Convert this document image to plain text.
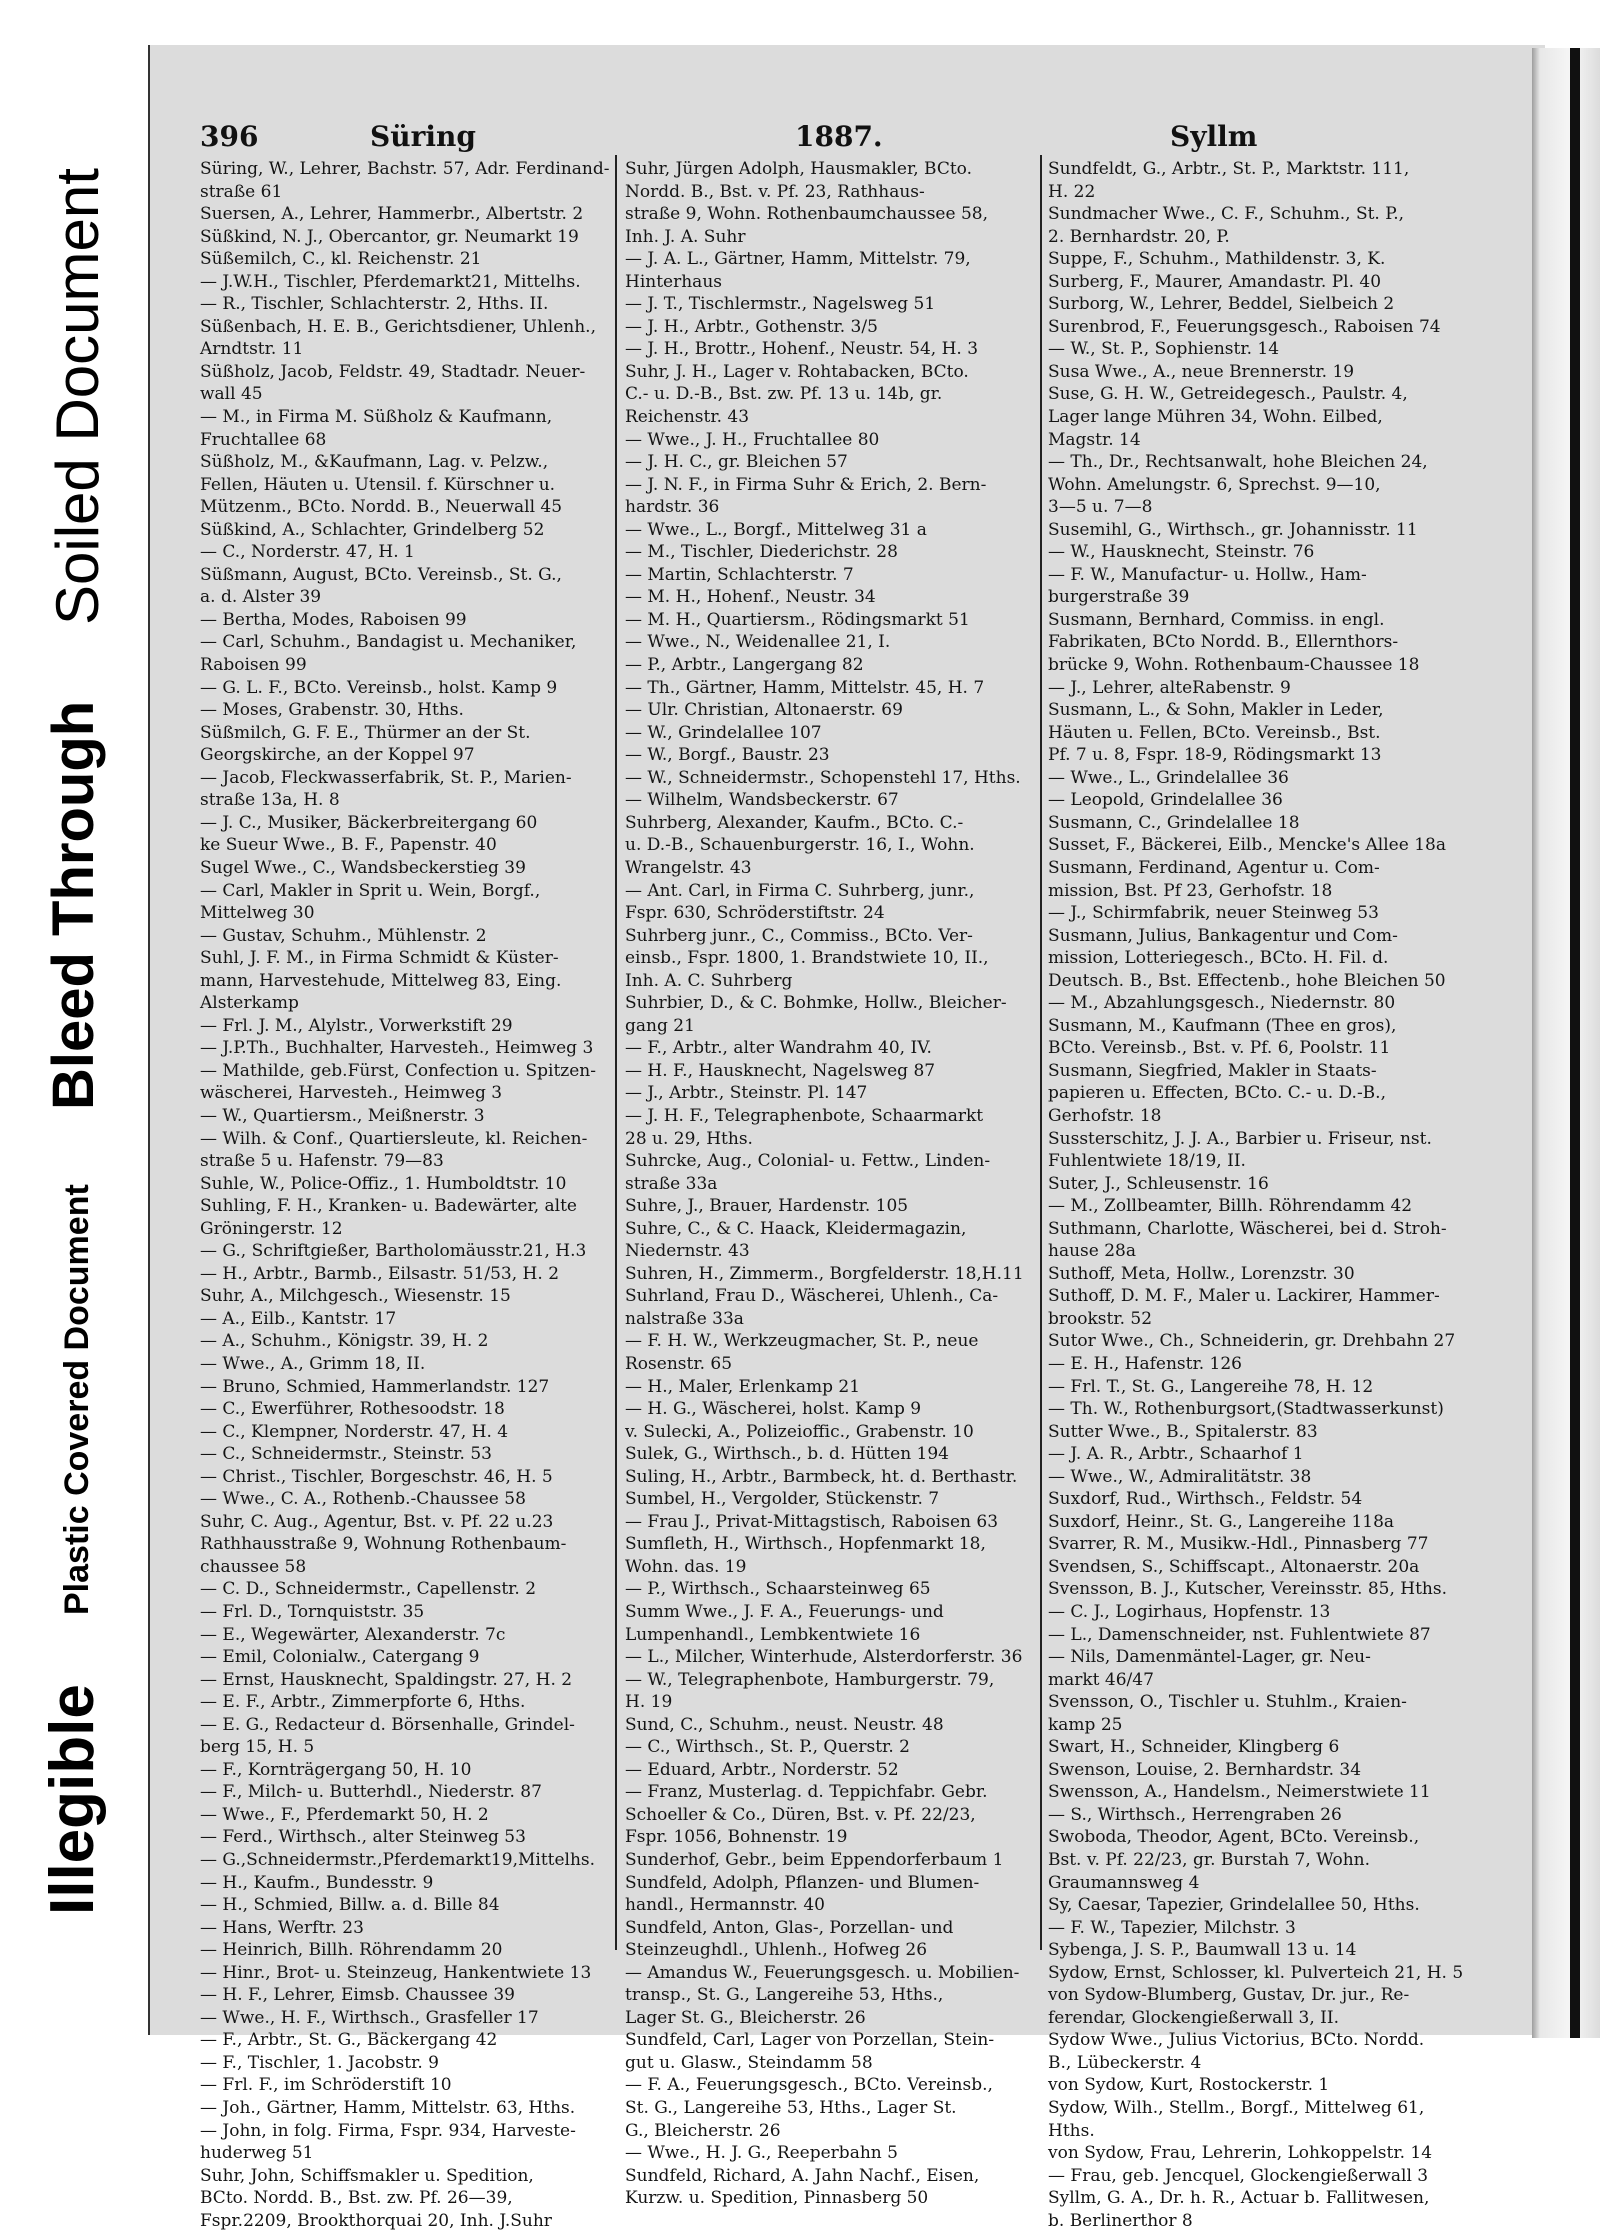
Illegible
Plastic Covered Document
Bleed Through
Soiled Document
396	Süring	1887.	Syllm
Süring, W., Lehrer, Bachstr. 57, Adr. Ferdinand-
straße 61
Suersen, A., Lehrer, Hammerbr., Albertstr. 2
Süßkind, N. J., Obercantor, gr. Neumarkt 19
Süßemilch, C., kl. Reichenstr. 21
— J.W.H., Tischler, Pferdemarkt21, Mittelhs.
— R., Tischler, Schlachterstr. 2, Hths. II.
Süßenbach, H. E. B., Gerichtsdiener, Uhlenh.,
Arndtstr. 11
Süßholz, Jacob, Feldstr. 49, Stadtadr. Neuer-
wall 45
— M., in Firma M. Süßholz & Kaufmann,
Fruchtallee 68
Süßholz, M., &Kaufmann, Lag. v. Pelzw.,
Fellen, Häuten u. Utensil. f. Kürschner u.
Mützenm., BCto. Nordd. B., Neuerwall 45
Süßkind, A., Schlachter, Grindelberg 52
— C., Norderstr. 47, H. 1
Süßmann, August, BCto. Vereinsb., St. G.,
a. d. Alster 39
— Bertha, Modes, Raboisen 99
— Carl, Schuhm., Bandagist u. Mechaniker,
Raboisen 99
— G. L. F., BCto. Vereinsb., holst. Kamp 9
— Moses, Grabenstr. 30, Hths.
Süßmilch, G. F. E., Thürmer an der St.
Georgskirche, an der Koppel 97
— Jacob, Fleckwasserfabrik, St. P., Marien-
straße 13a, H. 8
— J. C., Musiker, Bäckerbreitergang 60
ke Sueur Wwe., B. F., Papenstr. 40
Sugel Wwe., C., Wandsbeckerstieg 39
— Carl, Makler in Sprit u. Wein, Borgf.,
Mittelweg 30
— Gustav, Schuhm., Mühlenstr. 2
Suhl, J. F. M., in Firma Schmidt & Küster-
mann, Harvestehude, Mittelweg 83, Eing.
Alsterkamp
— Frl. J. M., Alylstr., Vorwerkstift 29
— J.P.Th., Buchhalter, Harvesteh., Heimweg 3
— Mathilde, geb.Fürst, Confection u. Spitzen-
wäscherei, Harvesteh., Heimweg 3
— W., Quartiersm., Meißnerstr. 3
— Wilh. & Conf., Quartiersleute, kl. Reichen-
straße 5 u. Hafenstr. 79—83
Suhle, W., Police-Offiz., 1. Humboldtstr. 10
Suhling, F. H., Kranken- u. Badewärter, alte
Gröningerstr. 12
— G., Schriftgießer, Bartholomäusstr.21, H.3
— H., Arbtr., Barmb., Eilsastr. 51/53, H. 2
Suhr, A., Milchgesch., Wiesenstr. 15
— A., Eilb., Kantstr. 17
— A., Schuhm., Königstr. 39, H. 2
— Wwe., A., Grimm 18, II.
— Bruno, Schmied, Hammerlandstr. 127
— C., Ewerführer, Rothesoodstr. 18
— C., Klempner, Norderstr. 47, H. 4
— C., Schneidermstr., Steinstr. 53
— Christ., Tischler, Borgeschstr. 46, H. 5
— Wwe., C. A., Rothenb.-Chaussee 58
Suhr, C. Aug., Agentur, Bst. v. Pf. 22 u.23
Rathhausstraße 9, Wohnung Rothenbaum-
chaussee 58
— C. D., Schneidermstr., Capellenstr. 2
— Frl. D., Tornquiststr. 35
— E., Wegewärter, Alexanderstr. 7c
— Emil, Colonialw., Catergang 9
— Ernst, Hausknecht, Spaldingstr. 27, H. 2
— E. F., Arbtr., Zimmerpforte 6, Hths.
— E. G., Redacteur d. Börsenhalle, Grindel-
berg 15, H. 5
— F., Kornträgergang 50, H. 10
— F., Milch- u. Butterhdl., Niederstr. 87
— Wwe., F., Pferdemarkt 50, H. 2
— Ferd., Wirthsch., alter Steinweg 53
— G.,Schneidermstr.,Pferdemarkt19,Mittelhs.
— H., Kaufm., Bundesstr. 9
— H., Schmied, Billw. a. d. Bille 84
— Hans, Werftr. 23
— Heinrich, Billh. Röhrendamm 20
— Hinr., Brot- u. Steinzeug, Hankentwiete 13
— H. F., Lehrer, Eimsb. Chaussee 39
— Wwe., H. F., Wirthsch., Grasfeller 17
— F., Arbtr., St. G., Bäckergang 42
— F., Tischler, 1. Jacobstr. 9
— Frl. F., im Schröderstift 10
— Joh., Gärtner, Hamm, Mittelstr. 63, Hths.
— John, in folg. Firma, Fspr. 934, Harveste-
huderweg 51
Suhr, John, Schiffsmakler u. Spedition,
BCto. Nordd. B., Bst. zw. Pf. 26—39,
Fspr.2209, Brookthorquai 20, Inh. J.Suhr
Suhr, Jürgen Adolph, Hausmakler, BCto.
Nordd. B., Bst. v. Pf. 23, Rathhaus-
straße 9, Wohn. Rothenbaumchaussee 58,
Inh. J. A. Suhr
— J. A. L., Gärtner, Hamm, Mittelstr. 79,
Hinterhaus
— J. T., Tischlermstr., Nagelsweg 51
— J. H., Arbtr., Gothenstr. 3/5
— J. H., Brottr., Hohenf., Neustr. 54, H. 3
Suhr, J. H., Lager v. Rohtabacken, BCto.
C.- u. D.-B., Bst. zw. Pf. 13 u. 14b, gr.
Reichenstr. 43
— Wwe., J. H., Fruchtallee 80
— J. H. C., gr. Bleichen 57
— J. N. F., in Firma Suhr & Erich, 2. Bern-
hardstr. 36
— Wwe., L., Borgf., Mittelweg 31 a
— M., Tischler, Diederichstr. 28
— Martin, Schlachterstr. 7
— M. H., Hohenf., Neustr. 34
— M. H., Quartiersm., Rödingsmarkt 51
— Wwe., N., Weidenallee 21, I.
— P., Arbtr., Langergang 82
— Th., Gärtner, Hamm, Mittelstr. 45, H. 7
— Ulr. Christian, Altonaerstr. 69
— W., Grindelallee 107
— W., Borgf., Baustr. 23
— W., Schneidermstr., Schopenstehl 17, Hths.
— Wilhelm, Wandsbeckerstr. 67
Suhrberg, Alexander, Kaufm., BCto. C.-
u. D.-B., Schauenburgerstr. 16, I., Wohn.
Wrangelstr. 43
— Ant. Carl, in Firma C. Suhrberg, junr.,
Fspr. 630, Schröderstiftstr. 24
Suhrberg junr., C., Commiss., BCto. Ver-
einsb., Fspr. 1800, 1. Brandstwiete 10, II.,
Inh. A. C. Suhrberg
Suhrbier, D., & C. Bohmke, Hollw., Bleicher-
gang 21
— F., Arbtr., alter Wandrahm 40, IV.
— H. F., Hausknecht, Nagelsweg 87
— J., Arbtr., Steinstr. Pl. 147
— J. H. F., Telegraphenbote, Schaarmarkt
28 u. 29, Hths.
Suhrcke, Aug., Colonial- u. Fettw., Linden-
straße 33a
Suhre, J., Brauer, Hardenstr. 105
Suhre, C., & C. Haack, Kleidermagazin,
Niedernstr. 43
Suhren, H., Zimmerm., Borgfelderstr. 18,H.11
Suhrland, Frau D., Wäscherei, Uhlenh., Ca-
nalstraße 33a
— F. H. W., Werkzeugmacher, St. P., neue
Rosenstr. 65
— H., Maler, Erlenkamp 21
— H. G., Wäscherei, holst. Kamp 9
v. Sulecki, A., Polizeioffic., Grabenstr. 10
Sulek, G., Wirthsch., b. d. Hütten 194
Suling, H., Arbtr., Barmbeck, ht. d. Berthastr.
Sumbel, H., Vergolder, Stückenstr. 7
— Frau J., Privat-Mittagstisch, Raboisen 63
Sumfleth, H., Wirthsch., Hopfenmarkt 18,
Wohn. das. 19
— P., Wirthsch., Schaarsteinweg 65
Summ Wwe., J. F. A., Feuerungs- und
Lumpenhandl., Lembkentwiete 16
— L., Milcher, Winterhude, Alsterdorferstr. 36
— W., Telegraphenbote, Hamburgerstr. 79,
H. 19
Sund, C., Schuhm., neust. Neustr. 48
— C., Wirthsch., St. P., Querstr. 2
— Eduard, Arbtr., Norderstr. 52
— Franz, Musterlag. d. Teppichfabr. Gebr.
Schoeller & Co., Düren, Bst. v. Pf. 22/23,
Fspr. 1056, Bohnenstr. 19
Sunderhof, Gebr., beim Eppendorferbaum 1
Sundfeld, Adolph, Pflanzen- und Blumen-
handl., Hermannstr. 40
Sundfeld, Anton, Glas-, Porzellan- und
Steinzeughdl., Uhlenh., Hofweg 26
— Amandus W., Feuerungsgesch. u. Mobilien-
transp., St. G., Langereihe 53, Hths.,
Lager St. G., Bleicherstr. 26
Sundfeld, Carl, Lager von Porzellan, Stein-
gut u. Glasw., Steindamm 58
— F. A., Feuerungsgesch., BCto. Vereinsb.,
St. G., Langereihe 53, Hths., Lager St.
G., Bleicherstr. 26
— Wwe., H. J. G., Reeperbahn 5
Sundfeld, Richard, A. Jahn Nachf., Eisen,
Kurzw. u. Spedition, Pinnasberg 50
Sundfeldt, G., Arbtr., St. P., Marktstr. 111,
H. 22
Sundmacher Wwe., C. F., Schuhm., St. P.,
2. Bernhardstr. 20, P.
Suppe, F., Schuhm., Mathildenstr. 3, K.
Surberg, F., Maurer, Amandastr. Pl. 40
Surborg, W., Lehrer, Beddel, Sielbeich 2
Surenbrod, F., Feuerungsgesch., Raboisen 74
— W., St. P., Sophienstr. 14
Susa Wwe., A., neue Brennerstr. 19
Suse, G. H. W., Getreidegesch., Paulstr. 4,
Lager lange Mühren 34, Wohn. Eilbed,
Magstr. 14
— Th., Dr., Rechtsanwalt, hohe Bleichen 24,
Wohn. Amelungstr. 6, Sprechst. 9—10,
3—5 u. 7—8
Susemihl, G., Wirthsch., gr. Johannisstr. 11
— W., Hausknecht, Steinstr. 76
— F. W., Manufactur- u. Hollw., Ham-
burgerstraße 39
Susmann, Bernhard, Commiss. in engl.
Fabrikaten, BCto Nordd. B., Ellernthors-
brücke 9, Wohn. Rothenbaum-Chaussee 18
— J., Lehrer, alteRabenstr. 9
Susmann, L., & Sohn, Makler in Leder,
Häuten u. Fellen, BCto. Vereinsb., Bst.
Pf. 7 u. 8, Fspr. 18-9, Rödingsmarkt 13
— Wwe., L., Grindelallee 36
— Leopold, Grindelallee 36
Susmann, C., Grindelallee 18
Susset, F., Bäckerei, Eilb., Mencke's Allee 18a
Susmann, Ferdinand, Agentur u. Com-
mission, Bst. Pf 23, Gerhofstr. 18
— J., Schirmfabrik, neuer Steinweg 53
Susmann, Julius, Bankagentur und Com-
mission, Lotteriegesch., BCto. H. Fil. d.
Deutsch. B., Bst. Effectenb., hohe Bleichen 50
— M., Abzahlungsgesch., Niedernstr. 80
Susmann, M., Kaufmann (Thee en gros),
BCto. Vereinsb., Bst. v. Pf. 6, Poolstr. 11
Susmann, Siegfried, Makler in Staats-
papieren u. Effecten, BCto. C.- u. D.-B.,
Gerhofstr. 18
Sussterschitz, J. J. A., Barbier u. Friseur, nst.
Fuhlentwiete 18/19, II.
Suter, J., Schleusenstr. 16
— M., Zollbeamter, Billh. Röhrendamm 42
Suthmann, Charlotte, Wäscherei, bei d. Stroh-
hause 28a
Suthoff, Meta, Hollw., Lorenzstr. 30
Suthoff, D. M. F., Maler u. Lackirer, Hammer-
brookstr. 52
Sutor Wwe., Ch., Schneiderin, gr. Drehbahn 27
— E. H., Hafenstr. 126
— Frl. T., St. G., Langereihe 78, H. 12
— Th. W., Rothenburgsort,(Stadtwasserkunst)
Sutter Wwe., B., Spitalerstr. 83
— J. A. R., Arbtr., Schaarhof 1
— Wwe., W., Admiralitätstr. 38
Suxdorf, Rud., Wirthsch., Feldstr. 54
Suxdorf, Heinr., St. G., Langereihe 118a
Svarrer, R. M., Musikw.-Hdl., Pinnasberg 77
Svendsen, S., Schiffscapt., Altonaerstr. 20a
Svensson, B. J., Kutscher, Vereinsstr. 85, Hths.
— C. J., Logirhaus, Hopfenstr. 13
— L., Damenschneider, nst. Fuhlentwiete 87
— Nils, Damenmäntel-Lager, gr. Neu-
markt 46/47
Svensson, O., Tischler u. Stuhlm., Kraien-
kamp 25
Swart, H., Schneider, Klingberg 6
Swenson, Louise, 2. Bernhardstr. 34
Swensson, A., Handelsm., Neimerstwiete 11
— S., Wirthsch., Herrengraben 26
Swoboda, Theodor, Agent, BCto. Vereinsb.,
Bst. v. Pf. 22/23, gr. Burstah 7, Wohn.
Graumannsweg 4
Sy, Caesar, Tapezier, Grindelallee 50, Hths.
— F. W., Tapezier, Milchstr. 3
Sybenga, J. S. P., Baumwall 13 u. 14
Sydow, Ernst, Schlosser, kl. Pulverteich 21, H. 5
von Sydow-Blumberg, Gustav, Dr. jur., Re-
ferendar, Glockengießerwall 3, II.
Sydow Wwe., Julius Victorius, BCto. Nordd.
B., Lübeckerstr. 4
von Sydow, Kurt, Rostockerstr. 1
Sydow, Wilh., Stellm., Borgf., Mittelweg 61,
Hths.
von Sydow, Frau, Lehrerin, Lohkoppelstr. 14
— Frau, geb. Jencquel, Glockengießerwall 3
Syllm, G. A., Dr. h. R., Actuar b. Fallitwesen,
b. Berlinerthor 8
